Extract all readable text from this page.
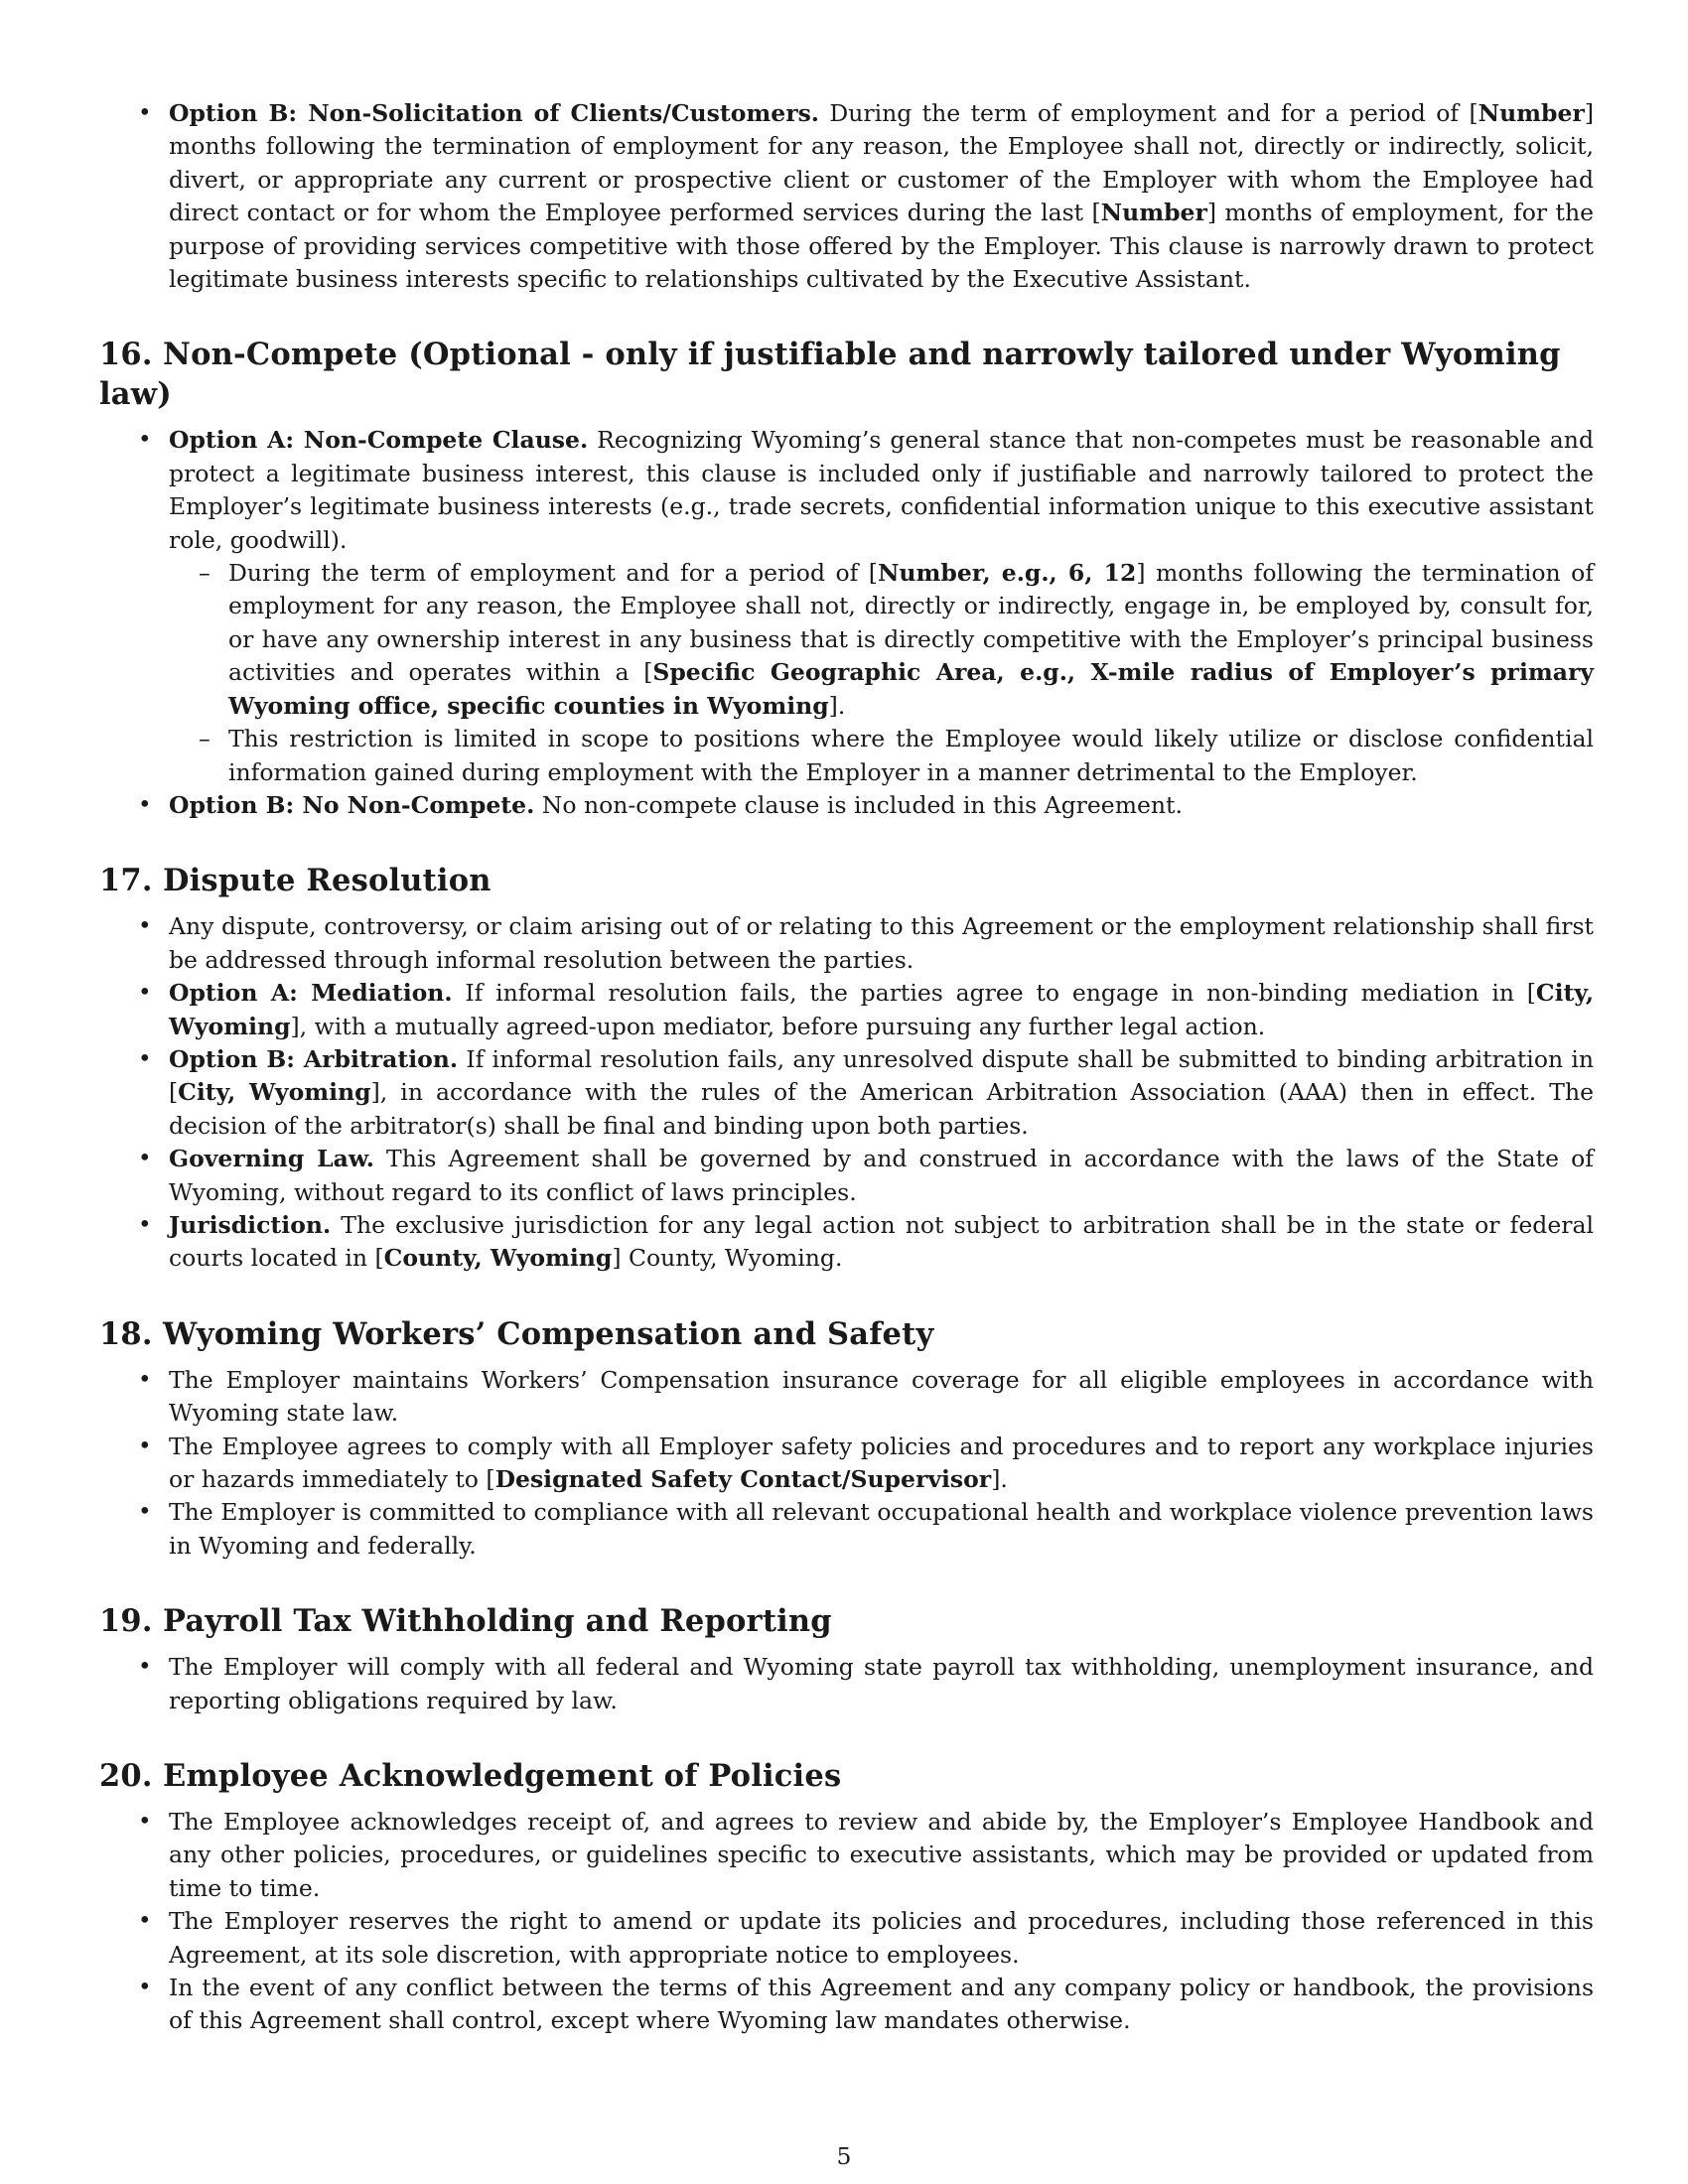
• Option B: Non-Solicitation of Clients/Customers. During the term of employment and for a period of [Number] months following the termination of employment for any reason, the Employee shall not, directly or indirectly, solicit, divert, or appropriate any current or prospective client or customer of the Employer with whom the Employee had direct contact or for whom the Employee performed services during the last [Number] months of employment, for the purpose of providing services competitive with those offered by the Employer. This clause is narrowly drawn to protect legitimate business interests specific to relationships cultivated by the Executive Assistant.
16. Non-Compete (Optional - only if justifiable and narrowly tailored under Wyoming law)
• Option A: Non-Compete Clause. Recognizing Wyoming’s general stance that non-competes must be reasonable and protect a legitimate business interest, this clause is included only if justifiable and narrowly tailored to protect the Employer’s legitimate business interests (e.g., trade secrets, confidential information unique to this executive assistant role, goodwill).
– During the term of employment and for a period of [Number, e.g., 6, 12] months following the termination of employment for any reason, the Employee shall not, directly or indirectly, engage in, be employed by, consult for, or have any ownership interest in any business that is directly competitive with the Employer’s principal business activities and operates within a [Specific Geographic Area, e.g., X-mile radius of Employer’s primary Wyoming office, specific counties in Wyoming].
– This restriction is limited in scope to positions where the Employee would likely utilize or disclose confidential information gained during employment with the Employer in a manner detrimental to the Employer.
• Option B: No Non-Compete. No non-compete clause is included in this Agreement.
17. Dispute Resolution
• Any dispute, controversy, or claim arising out of or relating to this Agreement or the employment relationship shall first be addressed through informal resolution between the parties.
• Option A: Mediation. If informal resolution fails, the parties agree to engage in non-binding mediation in [City, Wyoming], with a mutually agreed-upon mediator, before pursuing any further legal action.
• Option B: Arbitration. If informal resolution fails, any unresolved dispute shall be submitted to binding arbitration in [City, Wyoming], in accordance with the rules of the American Arbitration Association (AAA) then in effect. The decision of the arbitrator(s) shall be final and binding upon both parties.
• Governing Law. This Agreement shall be governed by and construed in accordance with the laws of the State of Wyoming, without regard to its conflict of laws principles.
• Jurisdiction. The exclusive jurisdiction for any legal action not subject to arbitration shall be in the state or federal courts located in [County, Wyoming] County, Wyoming.
18. Wyoming Workers’ Compensation and Safety
• The Employer maintains Workers’ Compensation insurance coverage for all eligible employees in accordance with Wyoming state law.
• The Employee agrees to comply with all Employer safety policies and procedures and to report any workplace injuries or hazards immediately to [Designated Safety Contact/Supervisor].
• The Employer is committed to compliance with all relevant occupational health and workplace violence prevention laws in Wyoming and federally.
19. Payroll Tax Withholding and Reporting
• The Employer will comply with all federal and Wyoming state payroll tax withholding, unemployment insurance, and reporting obligations required by law.
20. Employee Acknowledgement of Policies
• The Employee acknowledges receipt of, and agrees to review and abide by, the Employer’s Employee Handbook and any other policies, procedures, or guidelines specific to executive assistants, which may be provided or updated from time to time.
• The Employer reserves the right to amend or update its policies and procedures, including those referenced in this Agreement, at its sole discretion, with appropriate notice to employees.
• In the event of any conflict between the terms of this Agreement and any company policy or handbook, the provisions of this Agreement shall control, except where Wyoming law mandates otherwise.
5
